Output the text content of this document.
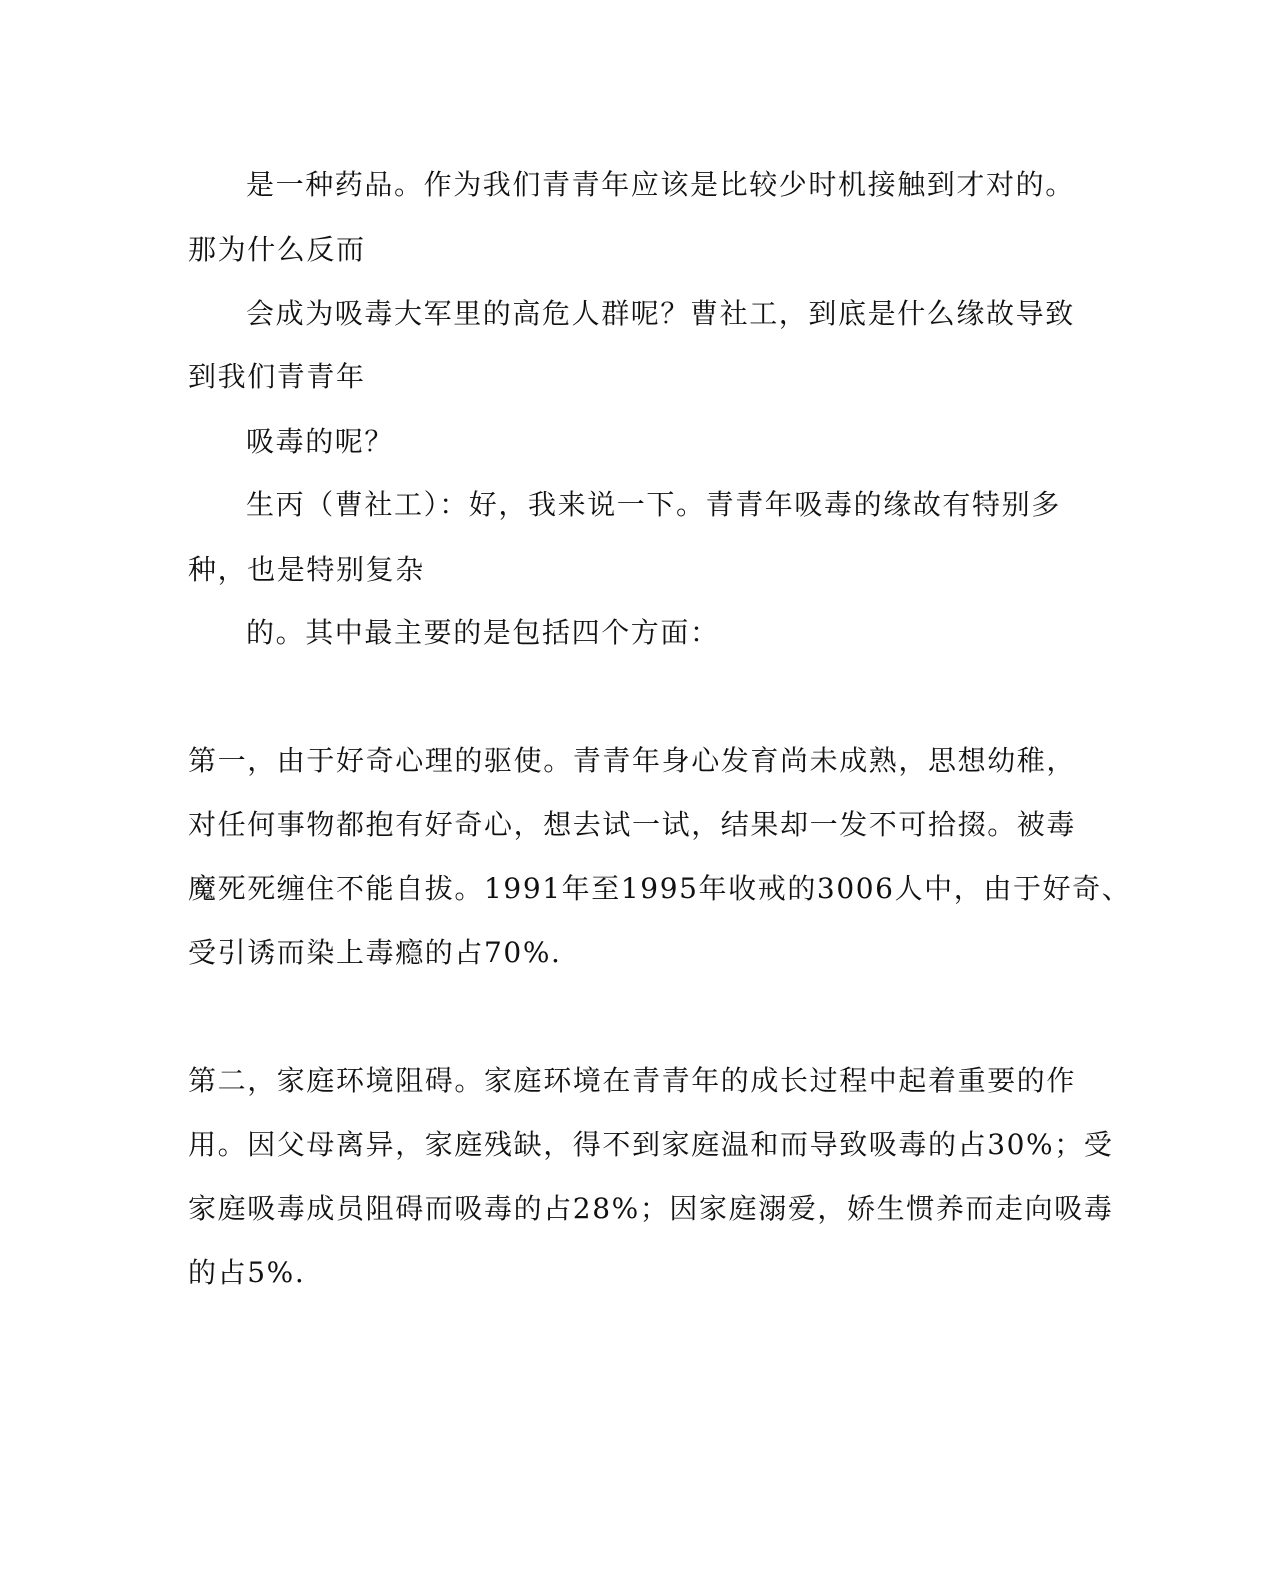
是一种药品。作为我们青青年应该是比较少时机接触到才对的。
那为什么反而
会成为吸毒大军里的高危人群呢？曹社工，到底是什么缘故导致
到我们青青年
吸毒的呢？
生丙（曹社工）：好，我来说一下。青青年吸毒的缘故有特别多
种，也是特别复杂
的。其中最主要的是包括四个方面：
第一，由于好奇心理的驱使。青青年身心发育尚未成熟，思想幼稚，
对任何事物都抱有好奇心，想去试一试，结果却一发不可拾掇。被毒
魔死死缠住不能自拔。1991年至1995年收戒的3006人中，由于好奇、
受引诱而染上毒瘾的占70%.
第二，家庭环境阻碍。家庭环境在青青年的成长过程中起着重要的作
用。因父母离异，家庭残缺，得不到家庭温和而导致吸毒的占30%；受
家庭吸毒成员阻碍而吸毒的占28%；因家庭溺爱，娇生惯养而走向吸毒
的占5%.
